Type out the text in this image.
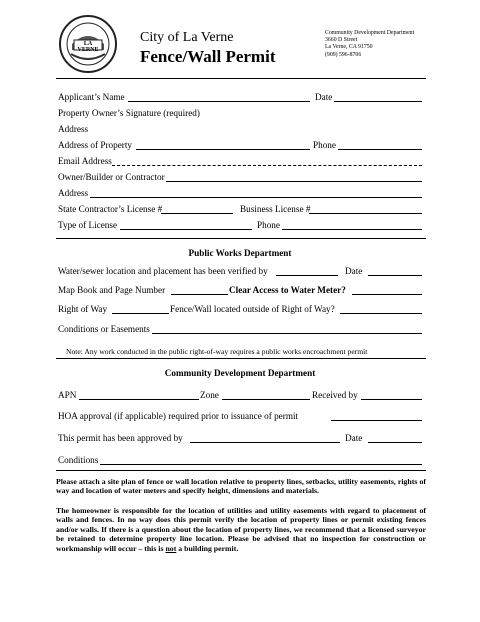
LA VERNE
City of La Verne
Fence/Wall Permit
Community Development Department
3660 D Street
La Verne, CA 91750
(909) 596-8706
Applicant’s Name	Date
Property Owner’s Signature (required)
Address
Address of Property	Phone
Email Address
Owner/Builder or Contractor
Address
State Contractor’s License #	Business License #
Type of License	Phone
Public Works Department
Water/sewer location and placement has been verified by	Date
Map Book and Page Number	Clear Access to Water Meter?
Right of Way	Fence/Wall located outside of Right of Way?
Conditions or Easements
Note: Any work conducted in the public right-of-way requires a public works encroachment permit
Community Development Department
APN	Zone	Received by
HOA approval (if applicable) required prior to issuance of permit
This permit has been approved by	Date
Conditions
Please attach a site plan of fence or wall location relative to property lines, setbacks, utility easements, rights of way and location of water meters and specify height, dimensions and materials.
The homeowner is responsible for the location of utilities and utility easements with regard to placement of walls and fences. In no way does this permit verify the location of property lines or permit existing fences and/or walls. If there is a question about the location of property lines, we recommend that a licensed surveyor be retained to determine property line location. Please be advised that no inspection for construction or workmanship will occur – this is not a building permit.
